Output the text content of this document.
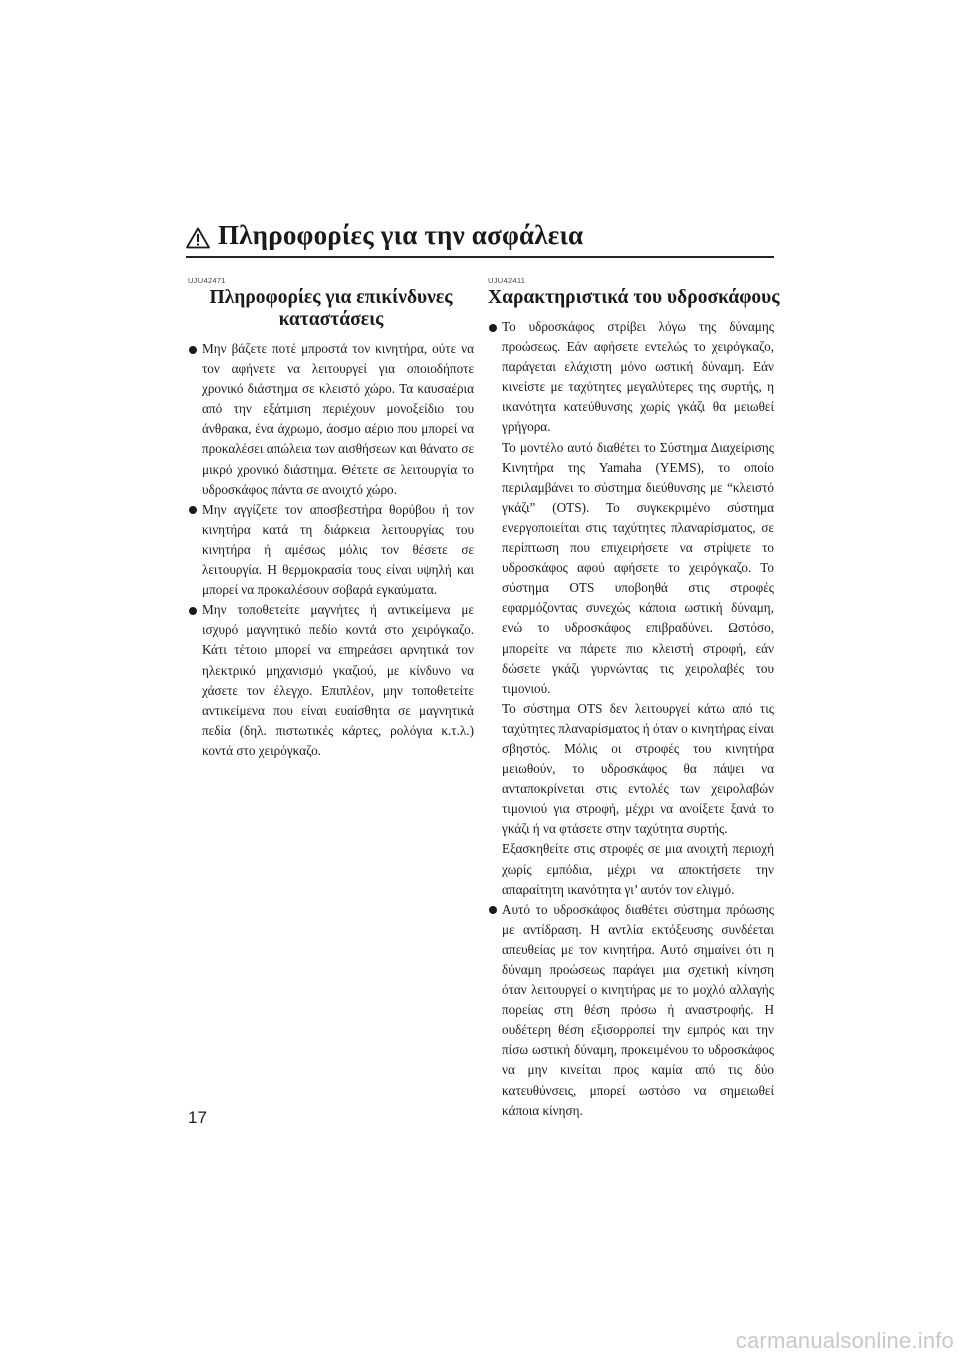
Πληροφορίες για την ασφάλεια
UJU42471
Πληροφορίες για επικίνδυνες καταστάσεις

Μην βάζετε ποτέ μπροστά τον κινητήρα, ούτε να τον αφήνετε να λειτουργεί για οποιοδήποτε χρονικό διάστημα σε κλειστό χώρο. Τα καυσαέρια από την εξάτμιση περιέχουν μονοξείδιο του άνθρακα, ένα άχρωμο, άοσμο αέριο που μπορεί να προκαλέσει απώλεια των αισθήσεων και θάνατο σε μικρό χρονικό διάστημα. Θέτετε σε λειτουργία το υδροσκάφος πάντα σε ανοιχτό χώρο.

Μην αγγίζετε τον αποσβεστήρα θορύβου ή τον κινητήρα κατά τη διάρκεια λειτουργίας του κινητήρα ή αμέσως μόλις τον θέσετε σε λειτουργία. Η θερμοκρασία τους είναι υψηλή και μπορεί να προκαλέσουν σοβαρά εγκαύματα.

Μην τοποθετείτε μαγνήτες ή αντικείμενα με ισχυρό μαγνητικό πεδίο κοντά στο χειρόγκαζο. Κάτι τέτοιο μπορεί να επηρεάσει αρνητικά τον ηλεκτρικό μηχανισμό γκαζιού, με κίνδυνο να χάσετε τον έλεγχο. Επιπλέον, μην τοποθετείτε αντικείμενα που είναι ευαίσθητα σε μαγνητικά πεδία (δηλ. πιστωτικές κάρτες, ρολόγια κ.τ.λ.) κοντά στο χειρόγκαζο.

UJU42411
Χαρακτηριστικά του υδροσκάφους

Το υδροσκάφος στρίβει λόγω της δύναμης προώσεως. Εάν αφήσετε εντελώς το χειρόγκαζο, παράγεται ελάχιστη μόνο ωστική δύναμη. Εάν κινείστε με ταχύτητες μεγαλύτερες της συρτής, η ικανότητα κατεύθυνσης χωρίς γκάζι θα μειωθεί γρήγορα.

Το μοντέλο αυτό διαθέτει το Σύστημα Διαχείρισης Κινητήρα της Yamaha (YEMS), το οποίο περιλαμβάνει το σύστημα διεύθυνσης με “κλειστό γκάζι” (OTS). Το συγκεκριμένο σύστημα ενεργοποιείται στις ταχύτητες πλαναρίσματος, σε περίπτωση που επιχειρήσετε να στρίψετε το υδροσκάφος αφού αφήσετε το χειρόγκαζο. Το σύστημα OTS υποβοηθά στις στροφές εφαρμόζοντας συνεχώς κάποια ωστική δύναμη, ενώ το υδροσκάφος επιβραδύνει. Ωστόσο, μπορείτε να πάρετε πιο κλειστή στροφή, εάν δώσετε γκάζι γυρνώντας τις χειρολαβές του τιμονιού.

Το σύστημα OTS δεν λειτουργεί κάτω από τις ταχύτητες πλαναρίσματος ή όταν ο κινητήρας είναι σβηστός. Μόλις οι στροφές του κινητήρα μειωθούν, το υδροσκάφος θα πάψει να ανταποκρίνεται στις εντολές των χειρολαβών τιμονιού για στροφή, μέχρι να ανοίξετε ξανά το γκάζι ή να φτάσετε στην ταχύτητα συρτής.

Εξασκηθείτε στις στροφές σε μια ανοιχτή περιοχή χωρίς εμπόδια, μέχρι να αποκτήσετε την απαραίτητη ικανότητα γι’ αυτόν τον ελιγμό.

Αυτό το υδροσκάφος διαθέτει σύστημα πρόωσης με αντίδραση. Η αντλία εκτόξευσης συνδέεται απευθείας με τον κινητήρα. Αυτό σημαίνει ότι η δύναμη προώσεως παράγει μια σχετική κίνηση όταν λειτουργεί ο κινητήρας με το μοχλό αλλαγής πορείας στη θέση πρόσω ή αναστροφής. Η ουδέτερη θέση εξισορροπεί την εμπρός και την πίσω ωστική δύναμη, προκειμένου το υδροσκάφος να μην κινείται προς καμία από τις δύο κατευθύνσεις, μπορεί ωστόσο να σημειωθεί κάποια κίνηση.

17
carmanualsonline.info
